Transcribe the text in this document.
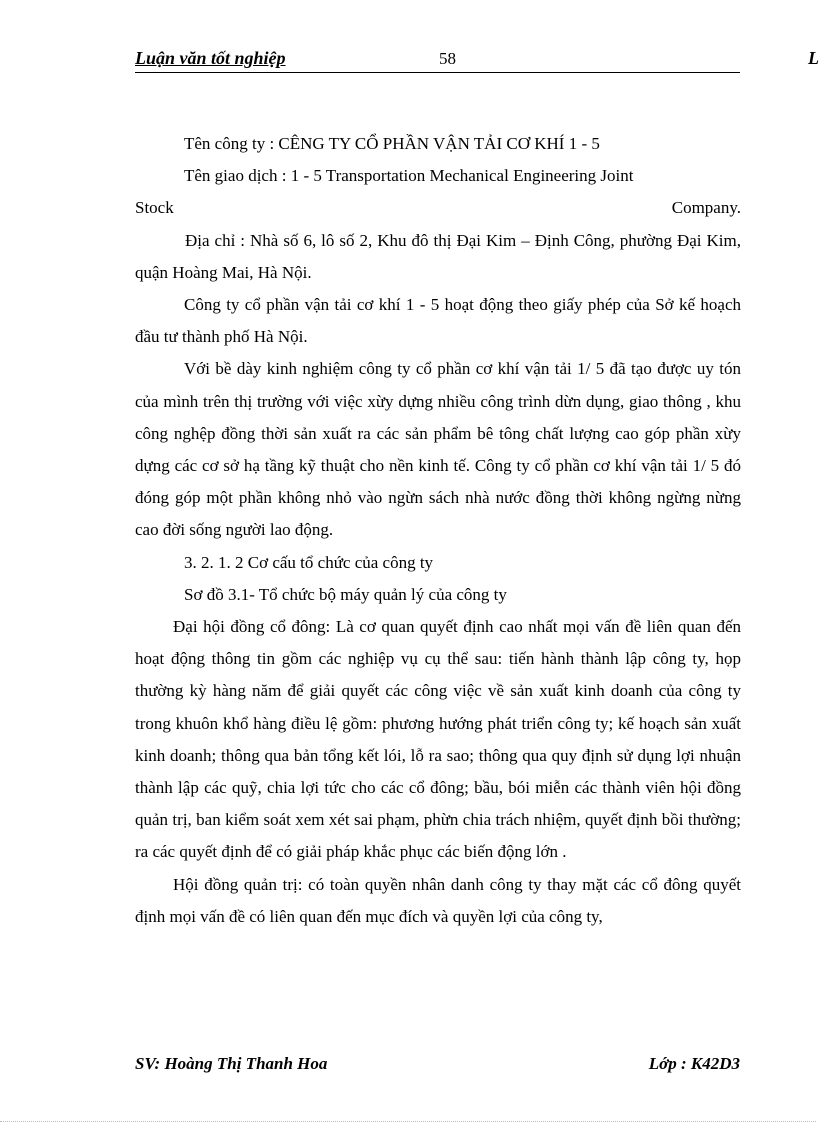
Luận văn tốt nghiệp	58	L

Tên công ty : CÊNG TY CỔ PHẦN VẬN TẢI CƠ KHÍ 1 - 5

Tên giao dịch : 1 - 5 Transportation Mechanical Engineering Joint

Stock	Company.

Địa chỉ : Nhà số 6, lô số 2, Khu đô thị Đại Kim – Định Công, phường Đại Kim, quận Hoàng Mai, Hà Nội.

Công ty cổ phần vận tải cơ khí 1 - 5 hoạt động theo giấy phép của Sở kế hoạch đầu tư thành phố Hà Nội.

Với bề dày kinh nghiệm công ty cổ phần cơ khí vận tải 1/ 5 đã tạo được uy tón của mình trên thị trường với việc xừy dựng nhiều công trình dừn dụng, giao thông , khu công nghệp đồng thời sản xuất ra các sản phẩm bê tông chất lượng cao góp phần xừy dựng các cơ sở hạ tầng kỹ thuật cho nền kinh tế. Công ty cổ phần cơ khí vận tải 1/ 5 đó đóng góp một phần không nhỏ vào ngừn sách nhà nước đồng thời không ngừng nừng cao đời sống người lao động.

3. 2. 1. 2 Cơ cấu tổ chức của công ty

Sơ đồ 3.1- Tổ chức bộ máy quản lý của công ty

Đại hội đồng cổ đông: Là cơ quan quyết định cao nhất mọi vấn đề liên quan đến hoạt động thông tin gồm các nghiệp vụ cụ thể sau: tiến hành thành lập công ty, họp thường kỳ hàng năm để giải quyết các công việc về sản xuất kinh doanh của công ty trong khuôn khổ hàng điều lệ gồm: phương hướng phát triển công ty; kế hoạch sản xuất kinh doanh; thông qua bản tổng kết lói, lỗ ra sao; thông qua quy định sử dụng lợi nhuận thành lập các quỹ, chia lợi tức cho các cổ đông; bầu, bói miễn các thành viên hội đồng quản trị, ban kiểm soát xem xét sai phạm, phừn chia trách nhiệm, quyết định bồi thường; ra các quyết định để có giải pháp khắc phục các biến động lớn .

Hội đồng quản trị: có toàn quyền nhân danh công ty thay mặt các cổ đông quyết định mọi vấn đề có liên quan đến mục đích và quyền lợi của công ty,

SV: Hoàng Thị Thanh Hoa	Lớp : K42D3
